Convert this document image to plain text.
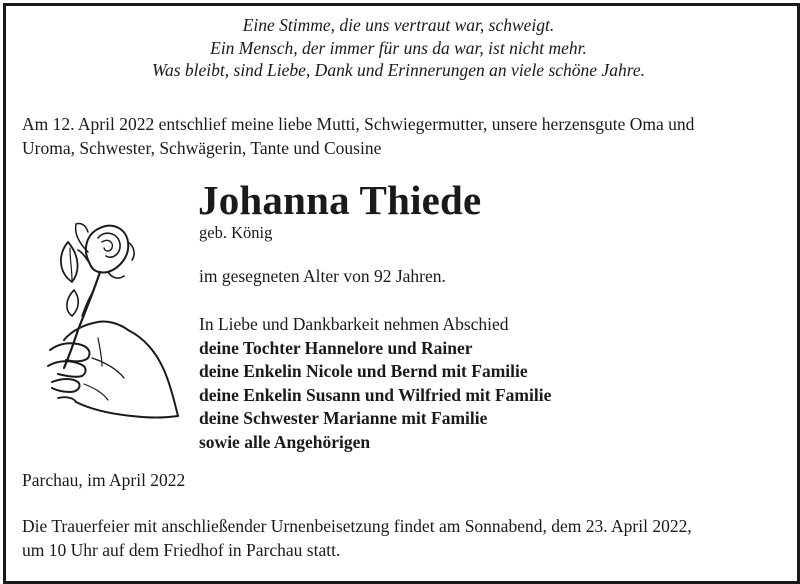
Eine Stimme, die uns vertraut war, schweigt.
Ein Mensch, der immer für uns da war, ist nicht mehr.
Was bleibt, sind Liebe, Dank und Erinnerungen an viele schöne Jahre.
Am 12. April 2022 entschlief meine liebe Mutti, Schwiegermutter, unsere herzensgute Oma und
Uroma, Schwester, Schwägerin, Tante und Cousine
Johanna Thiede
geb. König
im gesegneten Alter von 92 Jahren.
In Liebe und Dankbarkeit nehmen Abschied
deine Tochter Hannelore und Rainer
deine Enkelin Nicole und Bernd mit Familie
deine Enkelin Susann und Wilfried mit Familie
deine Schwester Marianne mit Familie
sowie alle Angehörigen
Parchau, im April 2022
Die Trauerfeier mit anschließender Urnenbeisetzung findet am Sonnabend, dem 23. April 2022,
um 10 Uhr auf dem Friedhof in Parchau statt.
